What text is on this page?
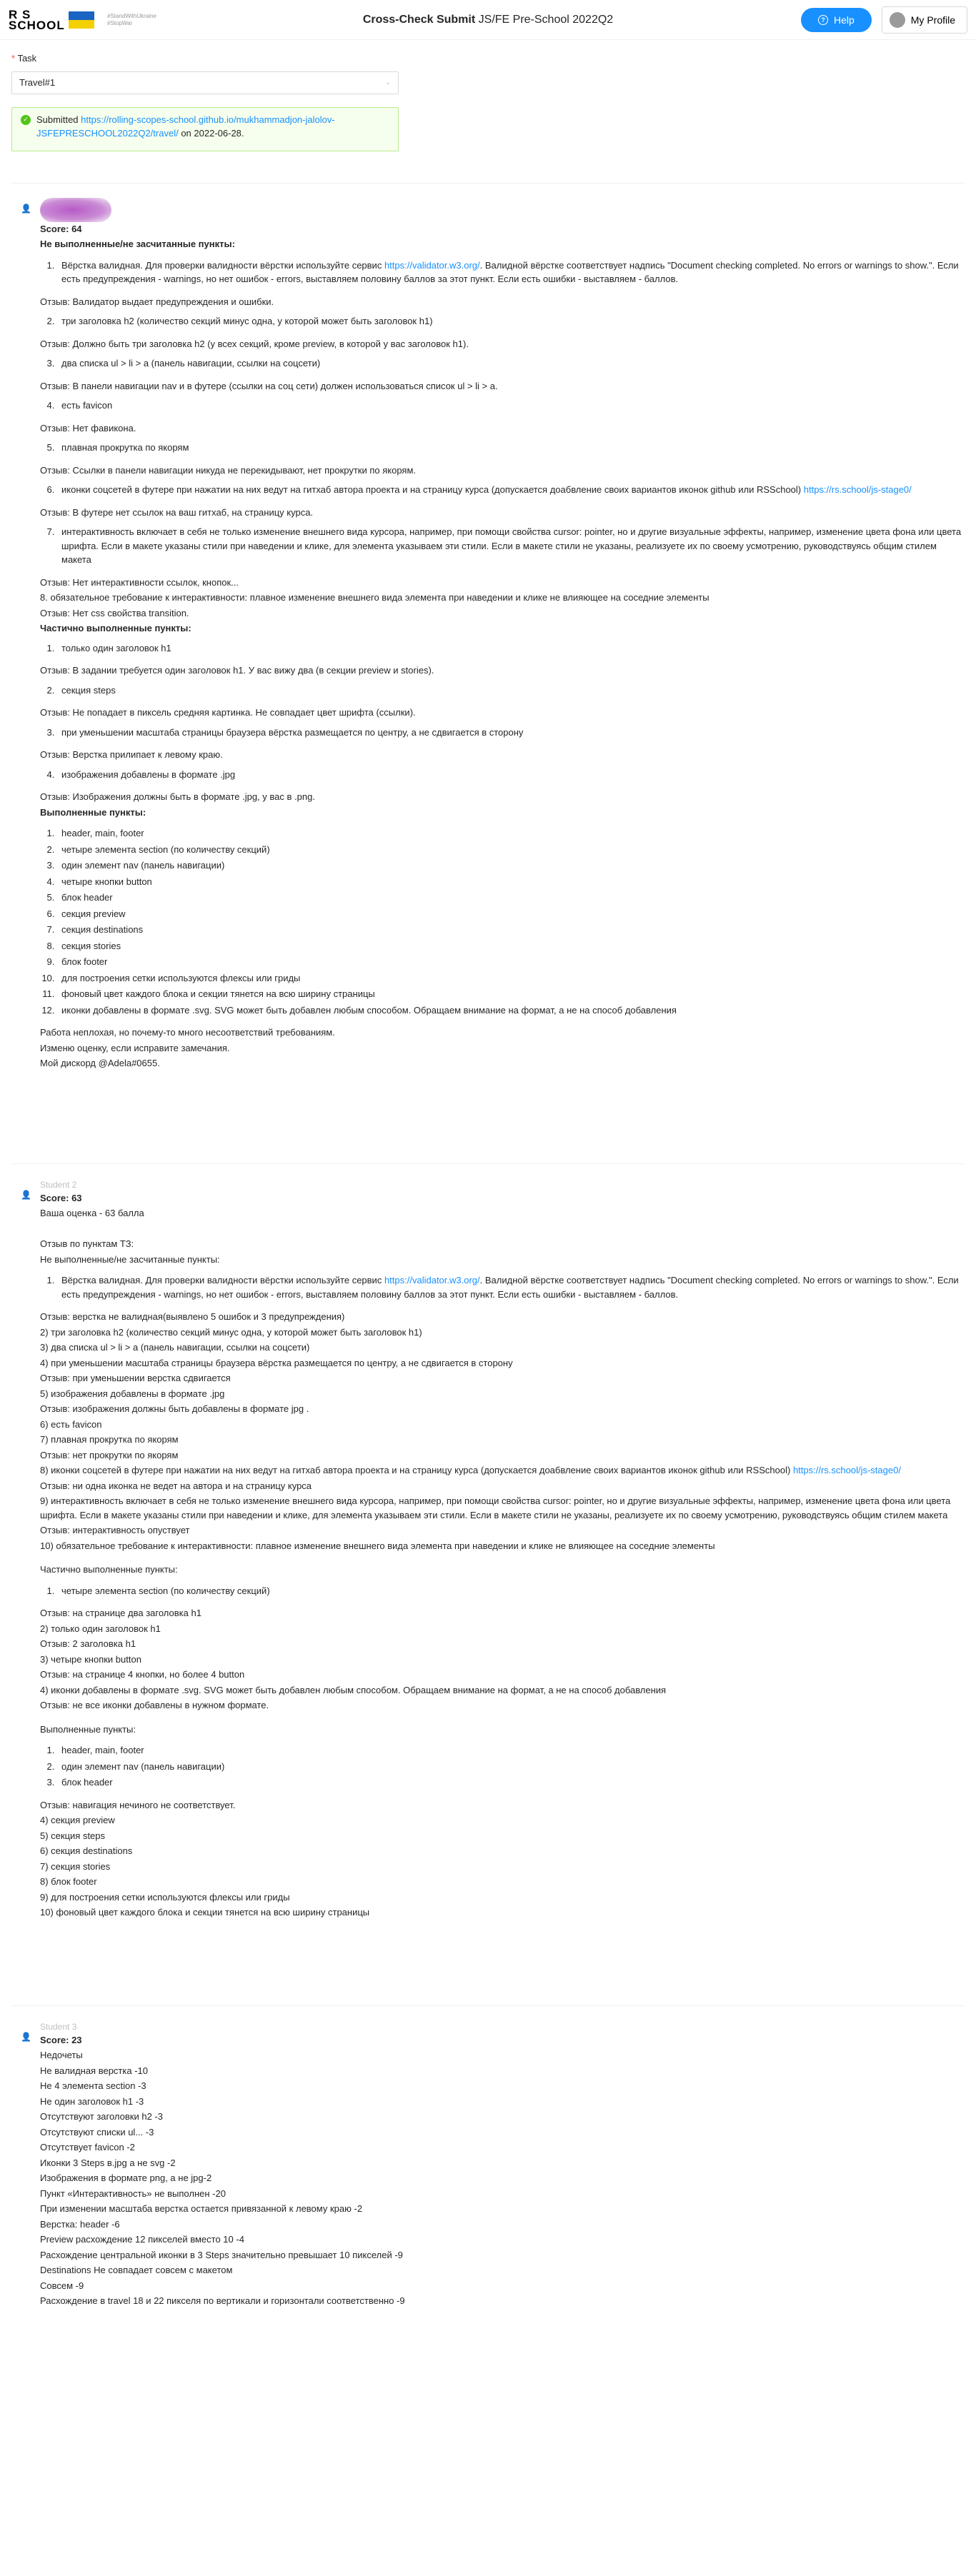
R S
SCHOOL
#StandWithUkraine
#StopWar	Cross-Check Submit JS/FE Pre-School 2022Q2	? Help	My Profile
* Task
Travel#1	⌄
✓ Submitted https://rolling-scopes-school.github.io/mukhammadjon-jalolov-JSFEPRESCHOOL2022Q2/travel/ on 2022-06-28.
👤
Score: 64

Не выполненные/не засчитанные пункты:

1. Вёрстка валидная. Для проверки валидности вёрстки используйте сервис https://validator.w3.org/. Валидной вёрстке соответствует надпись "Document checking completed. No errors or warnings to show.". Если есть предупреждения - warnings, но нет ошибок - errors, выставляем половину баллов за этот пункт. Если есть ошибки - выставляем - баллов.

Отзыв: Валидатор выдает предупреждения и ошибки.

2. три заголовка h2 (количество секций минус одна, у которой может быть заголовок h1)

Отзыв: Должно быть три заголовка h2 (у всех секций, кроме preview, в которой у вас заголовок h1).

3. два списка ul > li > a (панель навигации, ссылки на соцсети)

Отзыв: В панели навигации nav и в футере (ссылки на соц сети) должен использоваться список ul > li > a.

4. есть favicon

Отзыв: Нет фавикона.

5. плавная прокрутка по якорям

Отзыв: Ссылки в панели навигации никуда не перекидывают, нет прокрутки по якорям.

6. иконки соцсетей в футере при нажатии на них ведут на гитхаб автора проекта и на страницу курса (допускается доабвление своих вариантов иконок github или RSSchool) https://rs.school/js-stage0/

Отзыв: В футере нет ссылок на ваш гитхаб, на страницу курса.

7. интерактивность включает в себя не только изменение внешнего вида курсора, например, при помощи свойства cursor: pointer, но и другие визуальные эффекты, например, изменение цвета фона или цвета шрифта. Если в макете указаны стили при наведении и клике, для элемента указываем эти стили. Если в макете стили не указаны, реализуете их по своему усмотрению, руководствуясь общим стилем макета

Отзыв: Нет интерактивности ссылок, кнопок...

8. обязательное требование к интерактивности: плавное изменение внешнего вида элемента при наведении и клике не влияющее на соседние элементы

Отзыв: Нет css свойства transition.

Частично выполненные пункты:

1. только один заголовок h1

Отзыв: В задании требуется один заголовок h1. У вас вижу два (в секции preview и stories).

2. секция steps

Отзыв: Не попадает в пиксель средняя картинка. Не совпадает цвет шрифта (ссылки).

3. при уменьшении масштаба страницы браузера вёрстка размещается по центру, а не сдвигается в сторону

Отзыв: Верстка прилипает к левому краю.

4. изображения добавлены в формате .jpg

Отзыв: Изображения должны быть в формате .jpg, у вас в .png.

Выполненные пункты:

1. header, main, footer
2. четыре элемента section (по количеству секций)
3. один элемент nav (панель навигации)
4. четыре кнопки button
5. блок header
6. секция preview
7. секция destinations
8. секция stories
9. блок footer
10. для построения сетки используются флексы или гриды
11. фоновый цвет каждого блока и секции тянется на всю ширину страницы
12. иконки добавлены в формате .svg. SVG может быть добавлен любым способом. Обращаем внимание на формат, а не на способ добавления

Работа неплохая, но почему-то много несоответствий требованиям.

Изменю оценку, если исправите замечания.

Мой дискорд @Adela#0655.

👤
Student 2
Score: 63

Ваша оценка - 63 балла

Отзыв по пунктам ТЗ:

Не выполненные/не засчитанные пункты:

1. Вёрстка валидная. Для проверки валидности вёрстки используйте сервис https://validator.w3.org/. Валидной вёрстке соответствует надпись "Document checking completed. No errors or warnings to show.". Если есть предупреждения - warnings, но нет ошибок - errors, выставляем половину баллов за этот пункт. Если есть ошибки - выставляем - баллов.

Отзыв: верстка не валидная(выявлено 5 ошибок и 3 предупреждения)

2) три заголовка h2 (количество секций минус одна, у которой может быть заголовок h1)

3) два списка ul > li > a (панель навигации, ссылки на соцсети)

4) при уменьшении масштаба страницы браузера вёрстка размещается по центру, а не сдвигается в сторону

Отзыв: при уменьшении верстка сдвигается

5) изображения добавлены в формате .jpg

Отзыв: изображения должны быть добавлены в формате jpg .

6) есть favicon

7) плавная прокрутка по якорям

Отзыв: нет прокрутки по якорям

8) иконки соцсетей в футере при нажатии на них ведут на гитхаб автора проекта и на страницу курса (допускается доабвление своих вариантов иконок github или RSSchool) https://rs.school/js-stage0/

Отзыв: ни одна иконка не ведет на автора и на страницу курса

9) интерактивность включает в себя не только изменение внешнего вида курсора, например, при помощи свойства cursor: pointer, но и другие визуальные эффекты, например, изменение цвета фона или цвета шрифта. Если в макете указаны стили при наведении и клике, для элемента указываем эти стили. Если в макете стили не указаны, реализуете их по своему усмотрению, руководствуясь общим стилем макета

Отзыв: интерактивность опуствует

10) обязательное требование к интерактивности: плавное изменение внешнего вида элемента при наведении и клике не влияющее на соседние элементы

Частично выполненные пункты:

1. четыре элемента section (по количеству секций)

Отзыв: на странице два заголовка h1

2) только один заголовок h1

Отзыв: 2 заголовка h1

3) четыре кнопки button

Отзыв: на странице 4 кнопки, но более 4 button

4) иконки добавлены в формате .svg. SVG может быть добавлен любым способом. Обращаем внимание на формат, а не на способ добавления

Отзыв: не все иконки добавлены в нужном формате.

Выполненные пункты:

1. header, main, footer
2. один элемент nav (панель навигации)
3. блок header

Отзыв: навигация нечиного не соответствует.

4) секция preview

5) секция steps

6) секция destinations

7) секция stories

8) блок footer

9) для построения сетки используются флексы или гриды

10) фоновый цвет каждого блока и секции тянется на всю ширину страницы

👤
Student 3
Score: 23

Недочеты

Не валидная верстка -10

Не 4 элемента section -3

Не один заголовок h1 -3

Отсутствуют заголовки h2 -3

Отсутствуют списки ul... -3

Отсутствует favicon -2

Иконки 3 Steps в.jpg а не svg -2

Изображения в формате png, а не jpg-2

Пункт «Интерактивность» не выполнен -20

При изменении масштаба верстка остается привязанной к левому краю -2

Верстка: header -6

Preview расхождение 12 пикселей вместо 10 -4

Расхождение центральной иконки в 3 Steps значительно превышает 10 пикселей -9

Destinations Не совпадает совсем с макетом

Совсем -9

Расхождение в travel 18 и 22 пикселя по вертикали и горизонтали соответственно -9
